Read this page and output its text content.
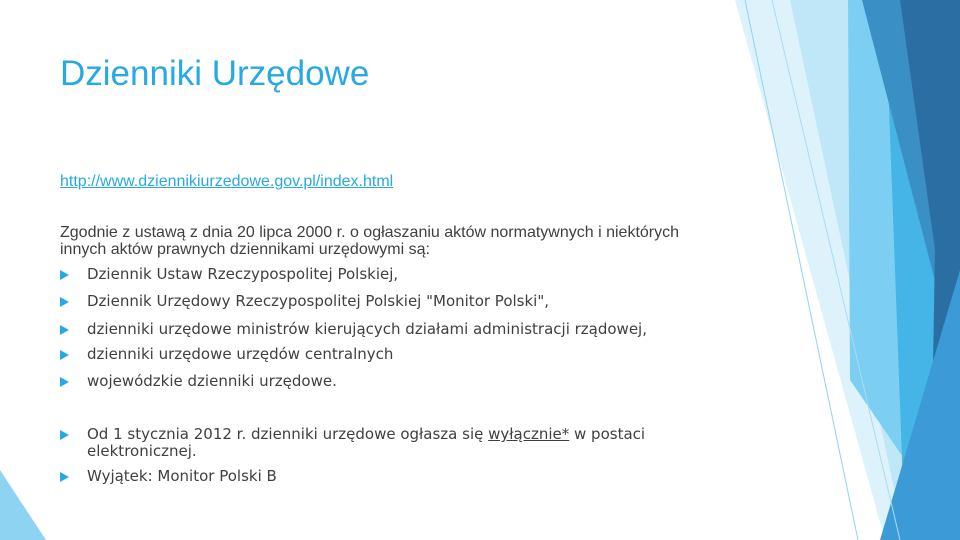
Dzienniki Urzędowe
http://www.dziennikiurzedowe.gov.pl/index.html

Zgodnie z ustawą z dnia 20 lipca 2000 r. o ogłaszaniu aktów normatywnych i niektórych innych aktów prawnych dziennikami urzędowymi są:

Dziennik Ustaw Rzeczypospolitej Polskiej,
Dziennik Urzędowy Rzeczypospolitej Polskiej "Monitor Polski",
dzienniki urzędowe ministrów kierujących działami administracji rządowej,
dzienniki urzędowe urzędów centralnych
wojewódzkie dzienniki urzędowe.
Od 1 stycznia 2012 r. dzienniki urzędowe ogłasza się wyłącznie* w postaci elektronicznej.
Wyjątek: Monitor Polski B
